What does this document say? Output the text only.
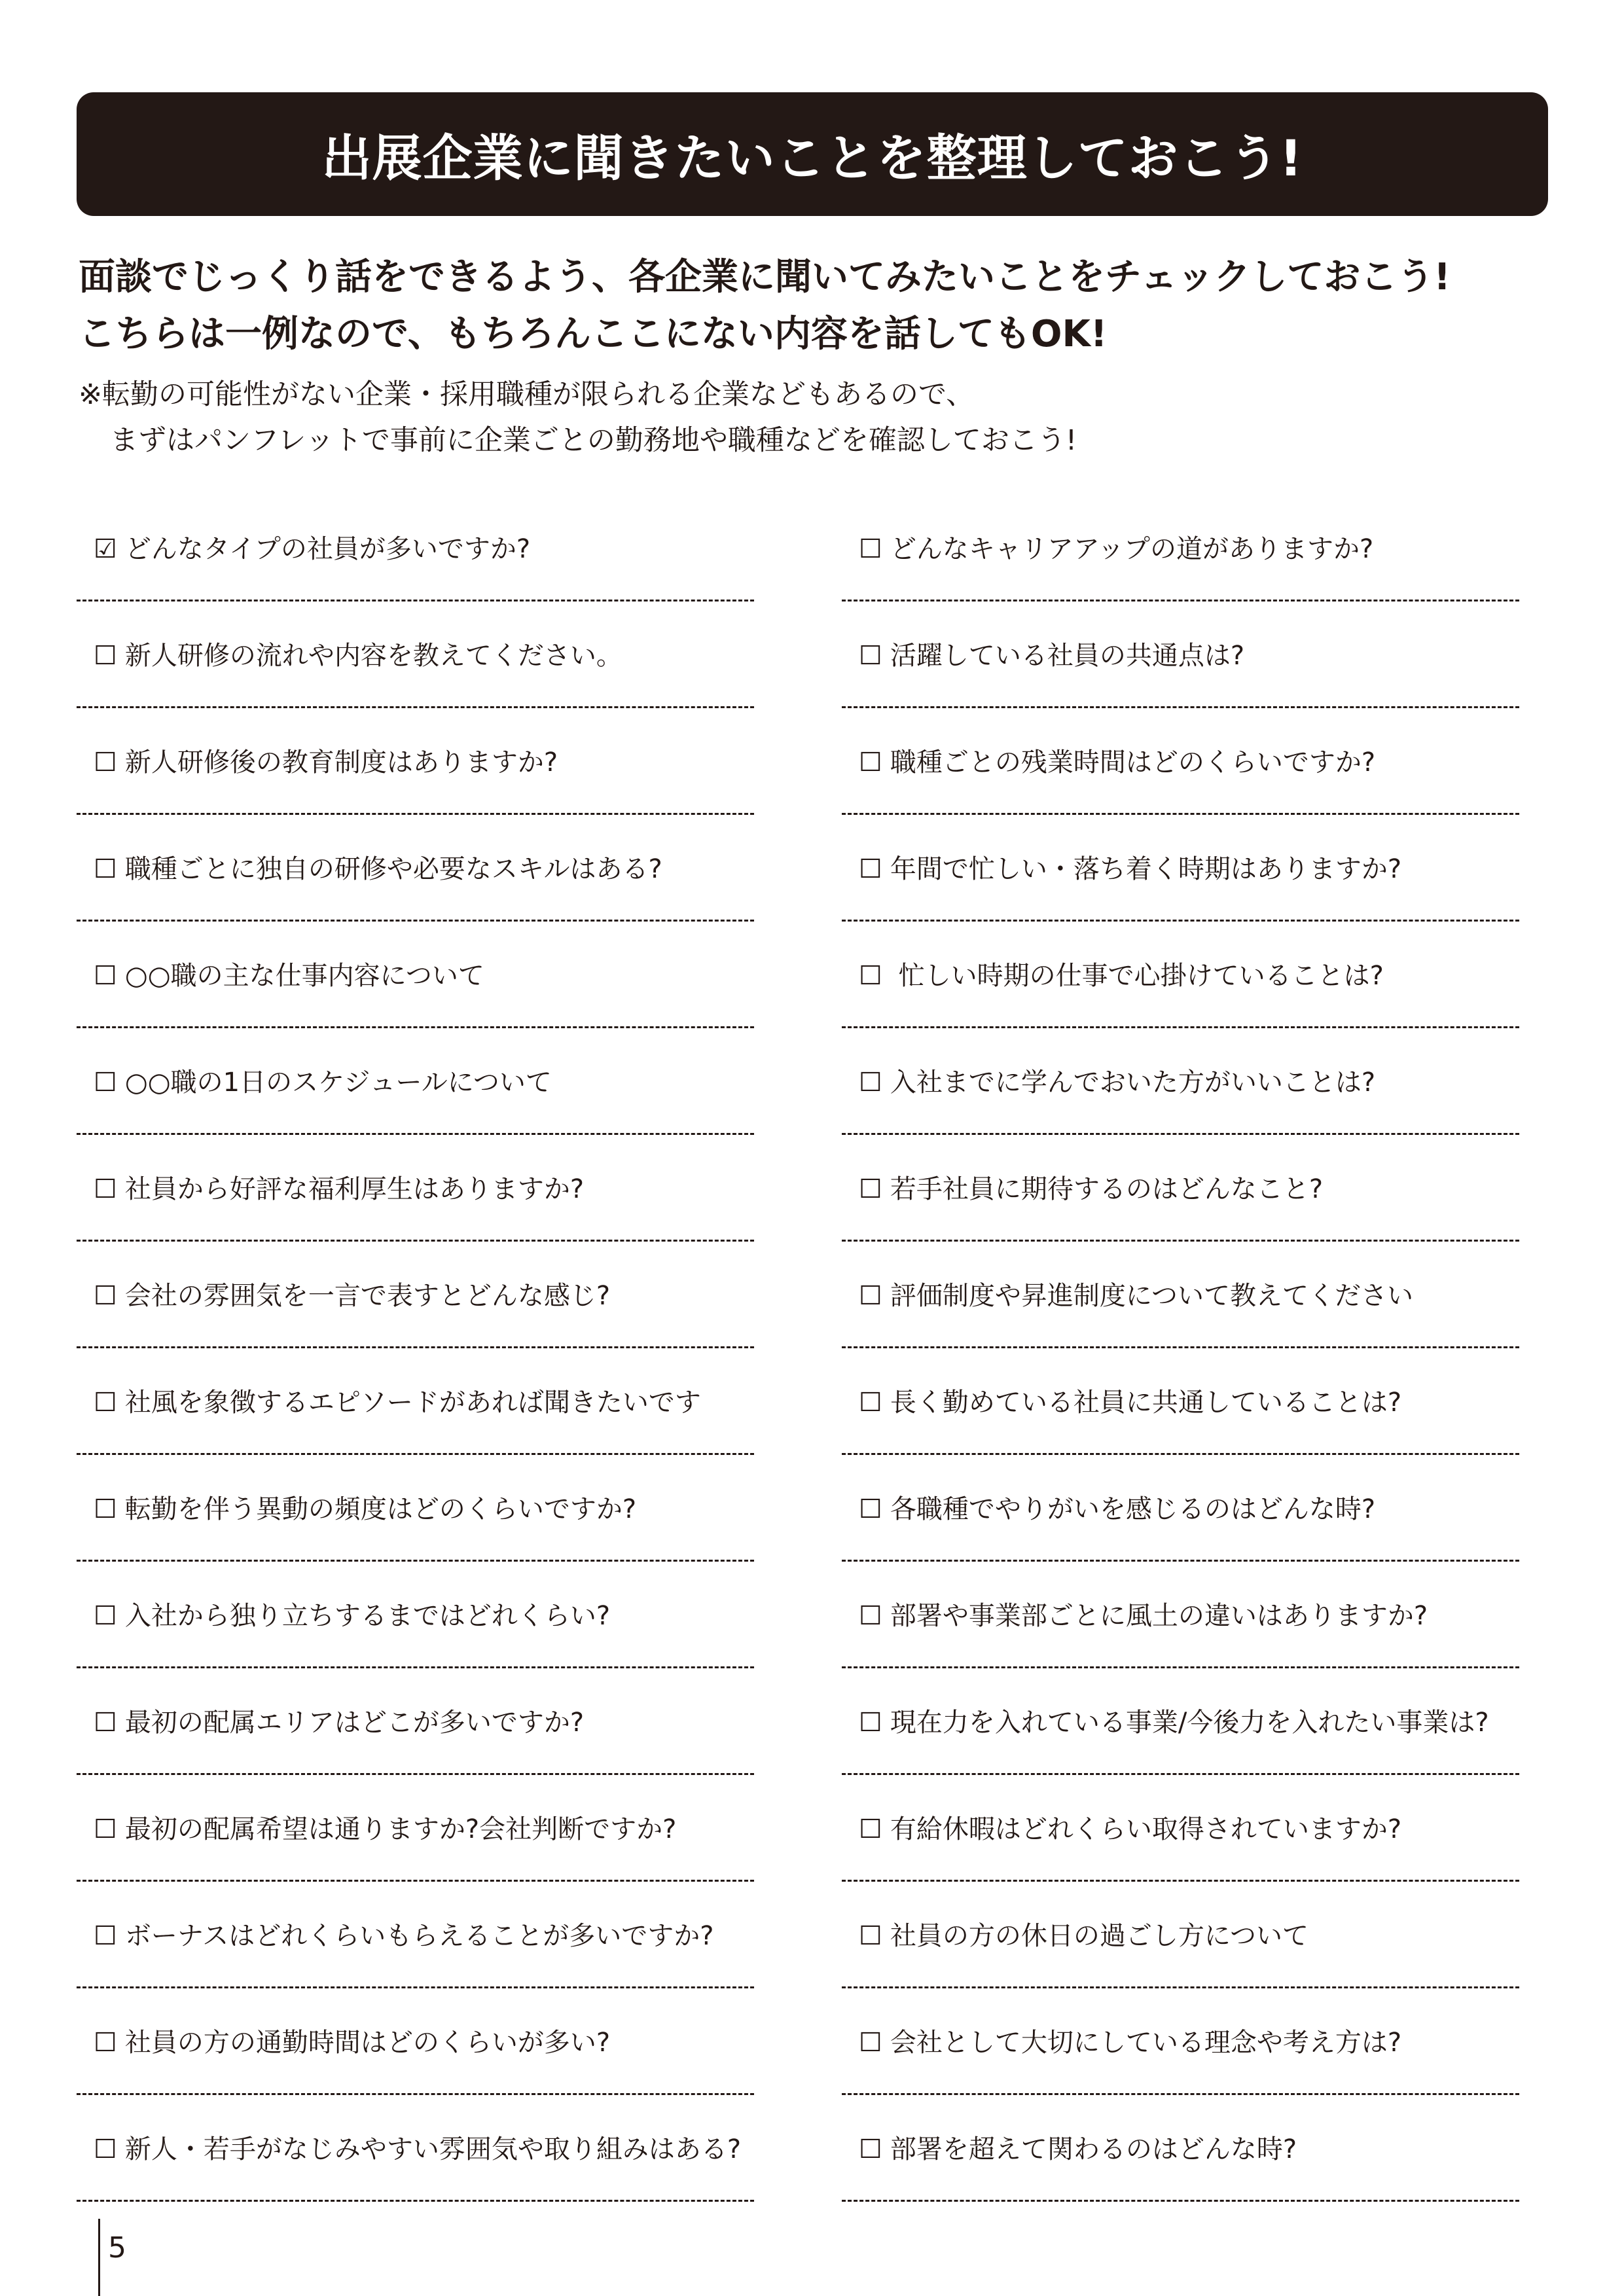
出展企業に聞きたいことを整理しておこう!
面談でじっくり話をできるよう、各企業に聞いてみたいことをチェックしておこう!
こちらは一例なので、もちろんここにない内容を話してもOK!
※転勤の可能性がない企業・採用職種が限られる企業などもあるので、
まずはパンフレットで事前に企業ごとの勤務地や職種などを確認しておこう!
☑ どんなタイプの社員が多いですか?
☐ 新人研修の流れや内容を教えてください。
☐ 新人研修後の教育制度はありますか?
☐ 職種ごとに独自の研修や必要なスキルはある?
☐ ○○職の主な仕事内容について
☐ ○○職の1日のスケジュールについて
☐ 社員から好評な福利厚生はありますか?
☐ 会社の雰囲気を一言で表すとどんな感じ?
☐ 社風を象徴するエピソードがあれば聞きたいです
☐ 転勤を伴う異動の頻度はどのくらいですか?
☐ 入社から独り立ちするまではどれくらい?
☐ 最初の配属エリアはどこが多いですか?
☐ 最初の配属希望は通りますか?会社判断ですか?
☐ ボーナスはどれくらいもらえることが多いですか?
☐ 社員の方の通勤時間はどのくらいが多い?
☐ 新人・若手がなじみやすい雰囲気や取り組みはある?
☐ どんなキャリアアップの道がありますか?
☐ 活躍している社員の共通点は?
☐ 職種ごとの残業時間はどのくらいですか?
☐ 年間で忙しい・落ち着く時期はありますか?
☐ 忙しい時期の仕事で心掛けていることは?
☐ 入社までに学んでおいた方がいいことは?
☐ 若手社員に期待するのはどんなこと?
☐ 評価制度や昇進制度について教えてください
☐ 長く勤めている社員に共通していることは?
☐ 各職種でやりがいを感じるのはどんな時?
☐ 部署や事業部ごとに風土の違いはありますか?
☐ 現在力を入れている事業/今後力を入れたい事業は?
☐ 有給休暇はどれくらい取得されていますか?
☐ 社員の方の休日の過ごし方について
☐ 会社として大切にしている理念や考え方は?
☐ 部署を超えて関わるのはどんな時?
5
